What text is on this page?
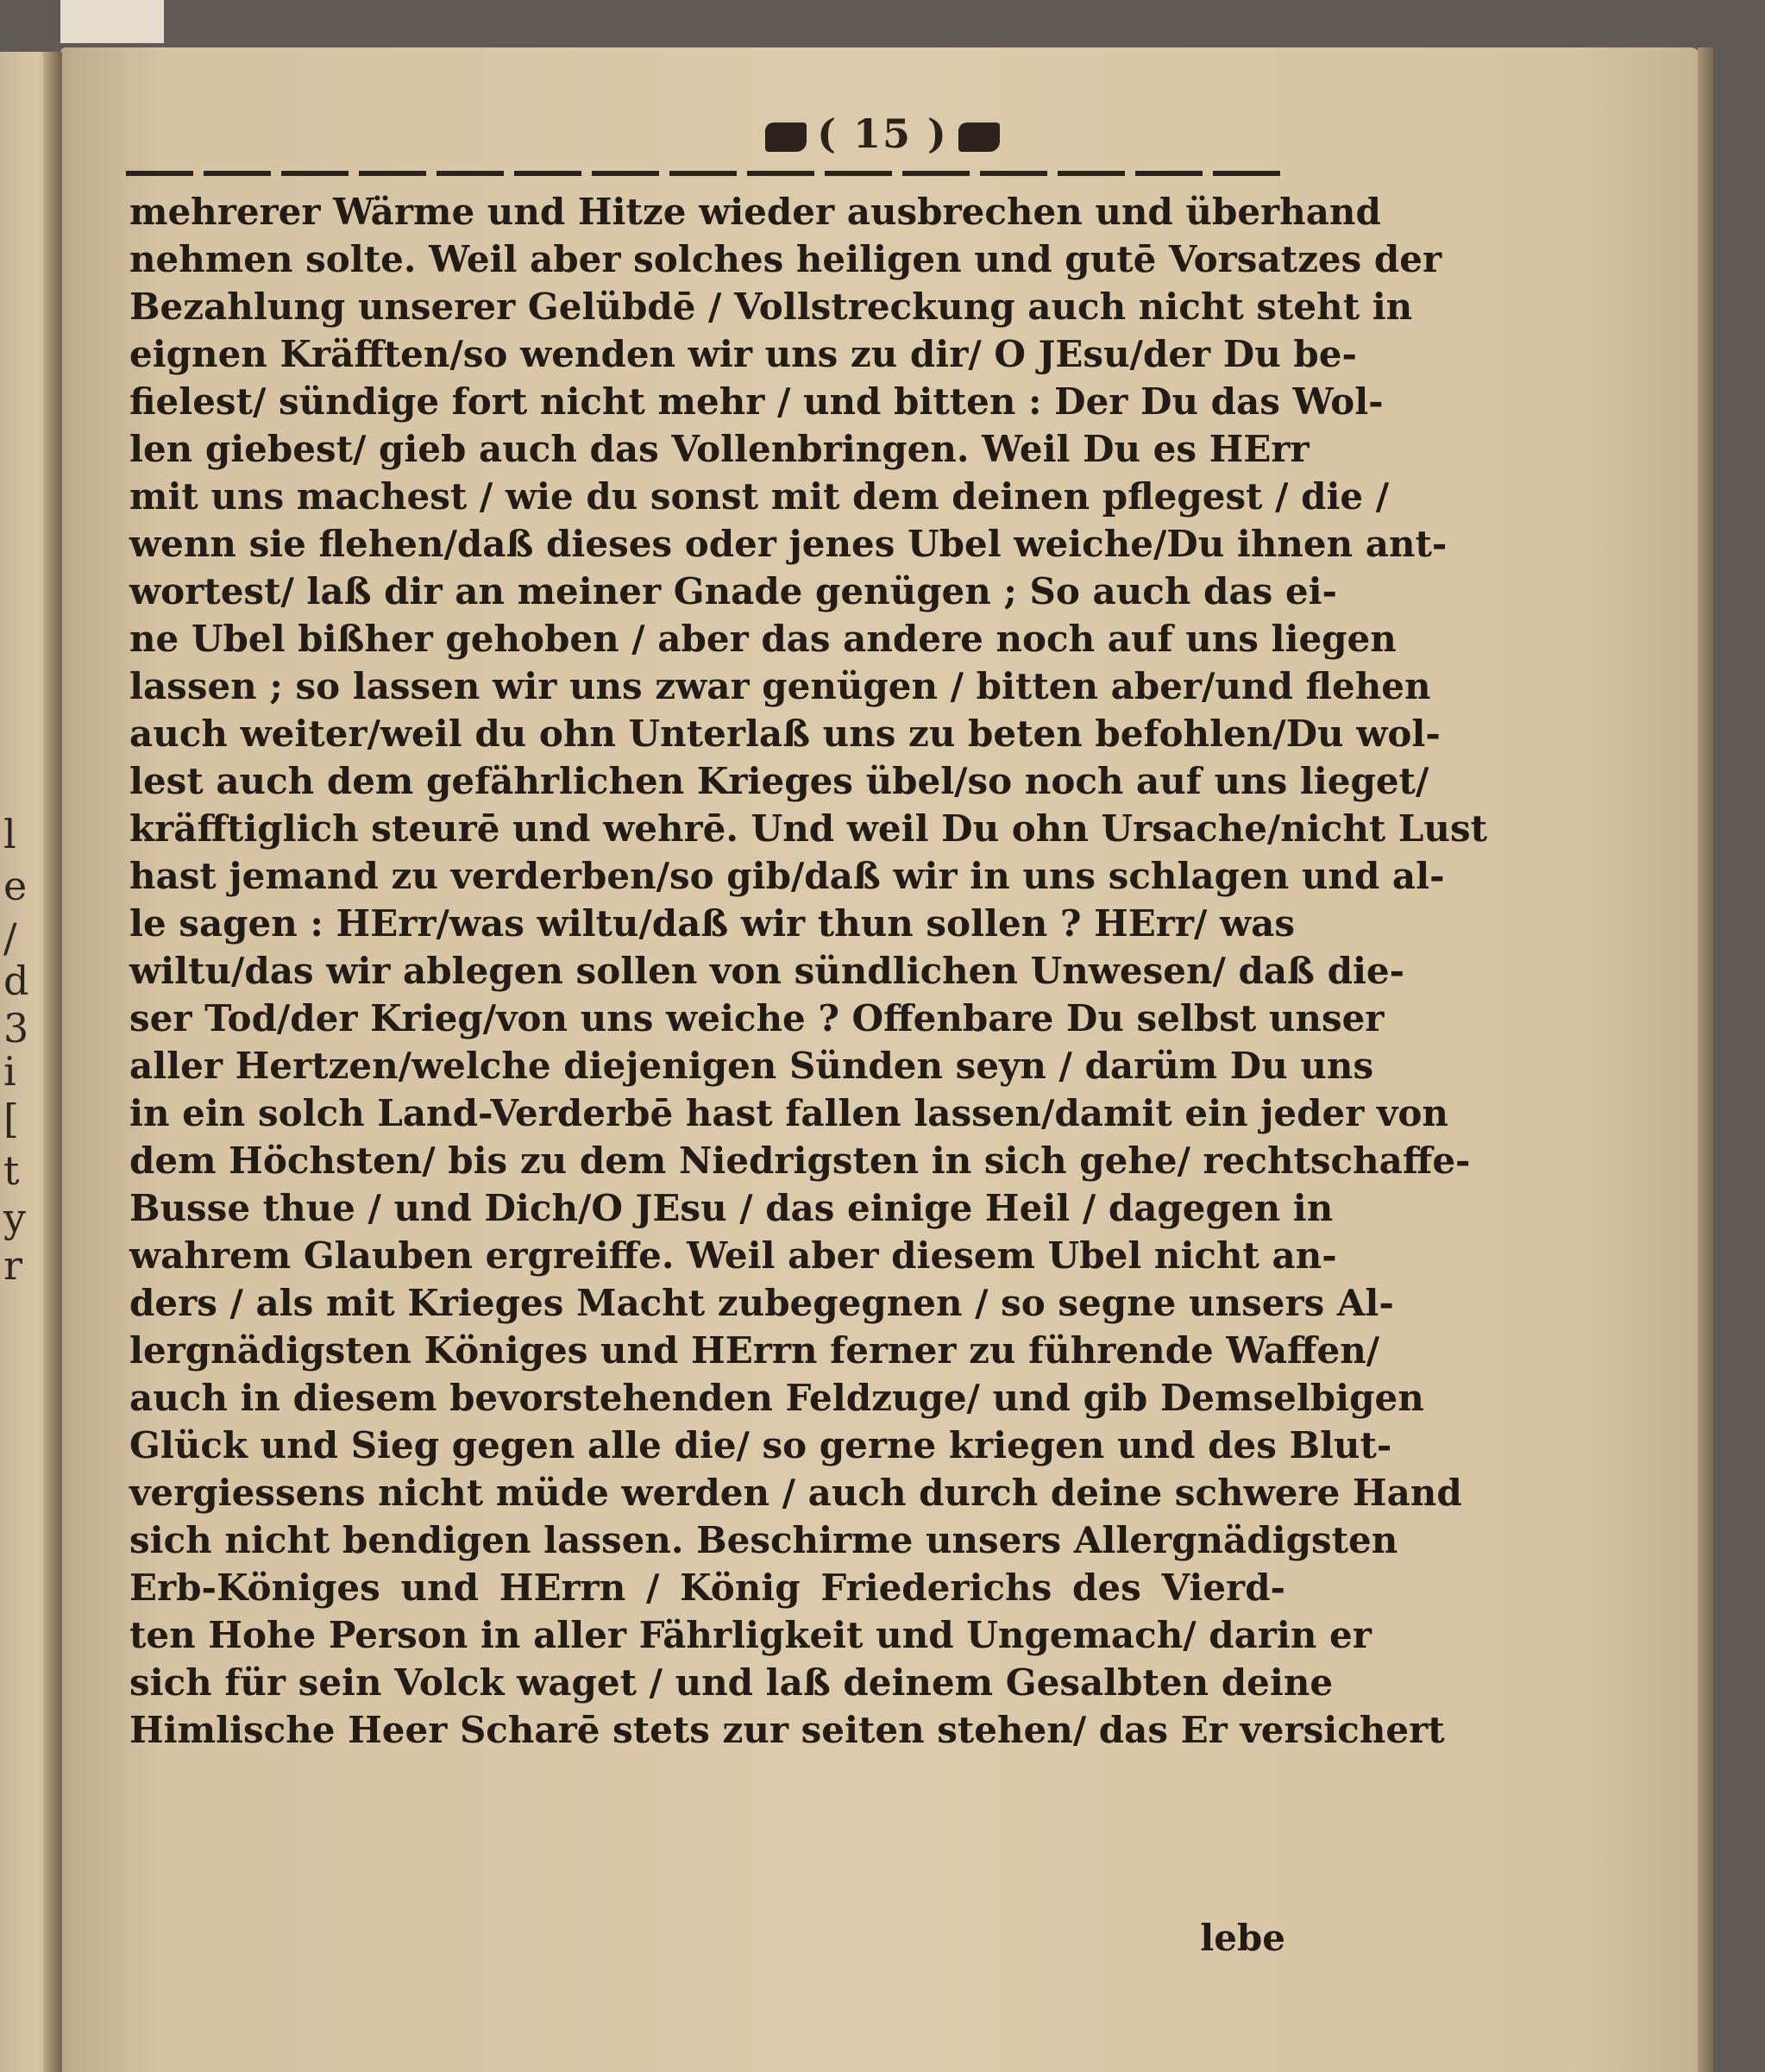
l
e
/
d
3
i
[
t
y
r
( 15 )
mehrerer Wärme und Hitze wieder ausbrechen und überhand
nehmen solte. Weil aber solches heiligen und gutē Vorsatzes der
Bezahlung unserer Gelübdē / Vollstreckung auch nicht steht in
eignen Kräfften/so wenden wir uns zu dir/ O JEsu/der Du be-
fielest/ sündige fort nicht mehr / und bitten : Der Du das Wol-
len giebest/ gieb auch das Vollenbringen. Weil Du es HErr
mit uns machest / wie du sonst mit dem deinen pflegest / die /
wenn sie flehen/daß dieses oder jenes Ubel weiche/Du ihnen ant-
wortest/ laß dir an meiner Gnade genügen ; So auch das ei-
ne Ubel bißher gehoben / aber das andere noch auf uns liegen
lassen ; so lassen wir uns zwar genügen / bitten aber/und flehen
auch weiter/weil du ohn Unterlaß uns zu beten befohlen/Du wol-
lest auch dem gefährlichen Krieges übel/so noch auf uns lieget/
kräfftiglich steurē und wehrē. Und weil Du ohn Ursache/nicht Lust
hast jemand zu verderben/so gib/daß wir in uns schlagen und al-
le sagen : HErr/was wiltu/daß wir thun sollen ? HErr/ was
wiltu/das wir ablegen sollen von sündlichen Unwesen/ daß die-
ser Tod/der Krieg/von uns weiche ? Offenbare Du selbst unser
aller Hertzen/welche diejenigen Sünden seyn / darüm Du uns
in ein solch Land-Verderbē hast fallen lassen/damit ein jeder von
dem Höchsten/ bis zu dem Niedrigsten in sich gehe/ rechtschaffe-
Busse thue / und Dich/O JEsu / das einige Heil / dagegen in
wahrem Glauben ergreiffe. Weil aber diesem Ubel nicht an-
ders / als mit Krieges Macht zubegegnen / so segne unsers Al-
lergnädigsten Königes und HErrn ferner zu führende Waffen/
auch in diesem bevorstehenden Feldzuge/ und gib Demselbigen
Glück und Sieg gegen alle die/ so gerne kriegen und des Blut-
vergiessens nicht müde werden / auch durch deine schwere Hand
sich nicht bendigen lassen. Beschirme unsers Allergnädigsten
Erb-Königes und HErrn / König Friederichs des Vierd-
ten Hohe Person in aller Fährligkeit und Ungemach/ darin er
sich für sein Volck waget / und laß deinem Gesalbten deine
Himlische Heer Scharē stets zur seiten stehen/ das Er versichert
lebe
